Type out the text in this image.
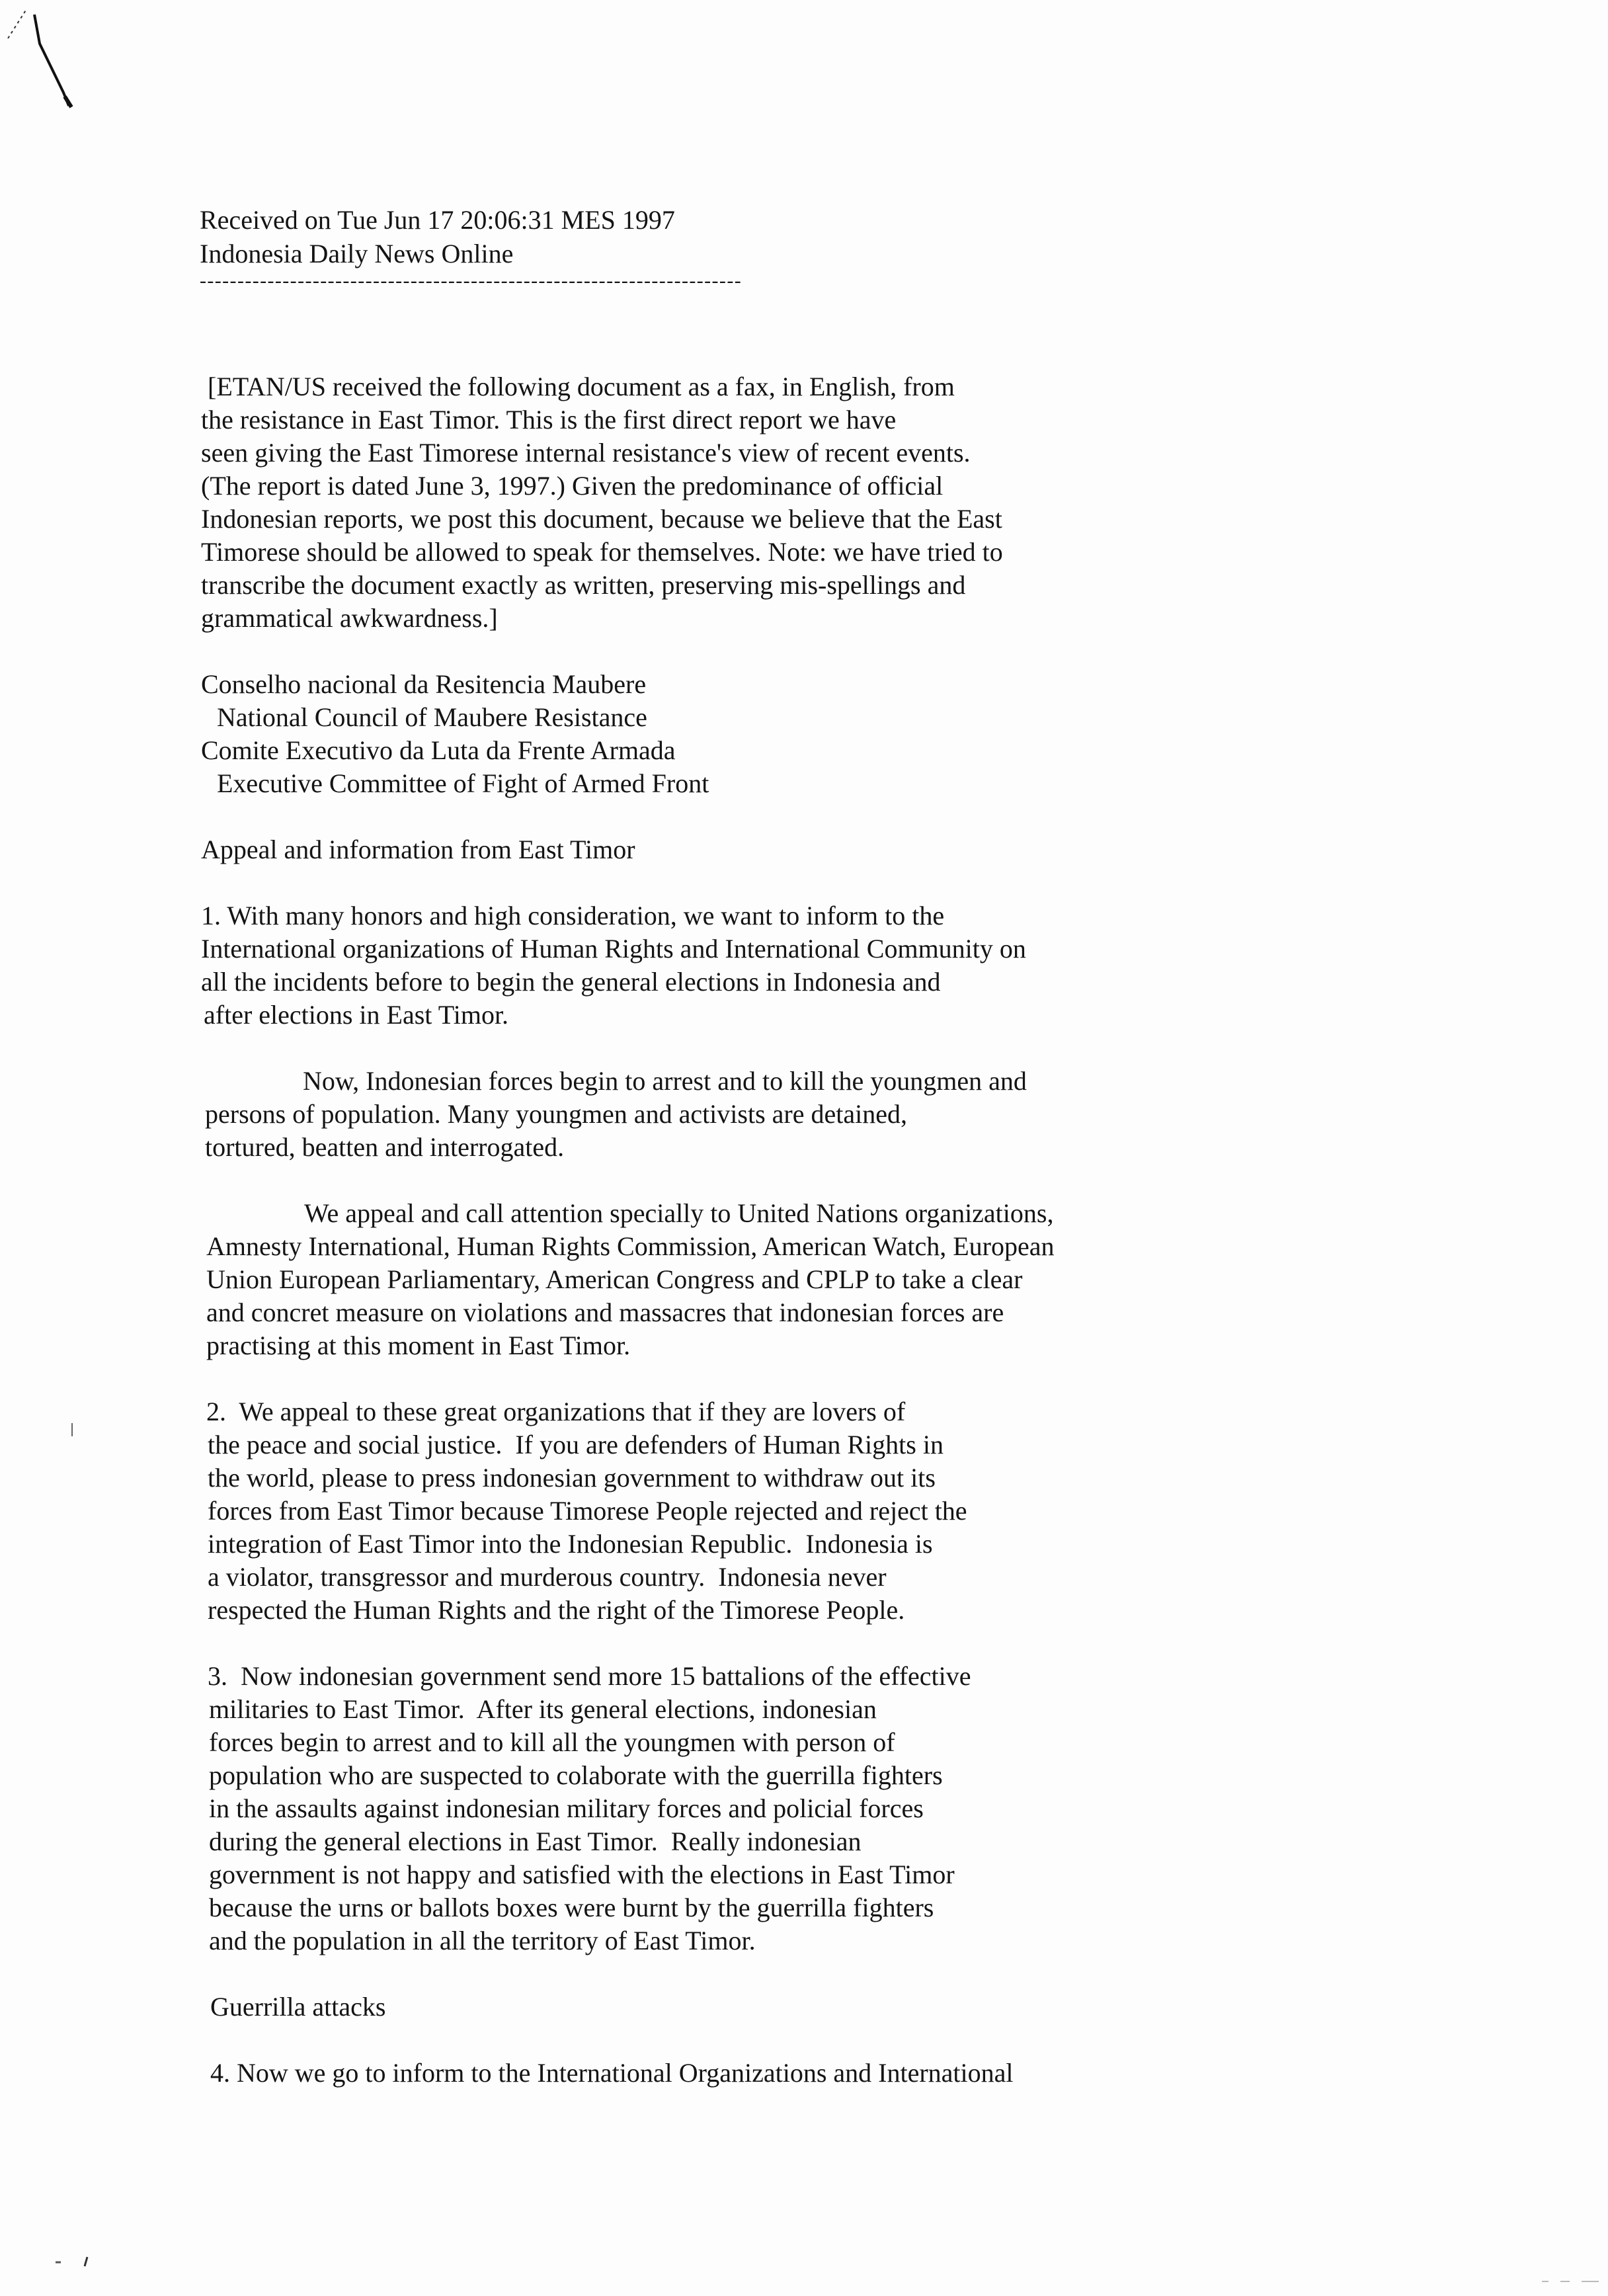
Received on Tue Jun 17 20:06:31 MES 1997
Indonesia Daily News Online
------------------------------------------------------------------------
[ETAN/US received the following document as a fax, in English, from
the resistance in East Timor. This is the first direct report we have
seen giving the East Timorese internal resistance's view of recent events.
(The report is dated June 3, 1997.) Given the predominance of official
Indonesian reports, we post this document, because we believe that the East
Timorese should be allowed to speak for themselves. Note: we have tried to
transcribe the document exactly as written, preserving mis-spellings and
grammatical awkwardness.]
Conselho nacional da Resitencia Maubere
National Council of Maubere Resistance
Comite Executivo da Luta da Frente Armada
Executive Committee of Fight of Armed Front
Appeal and information from East Timor
1. With many honors and high consideration, we want to inform to the
International organizations of Human Rights and International Community on
all the incidents before to begin the general elections in Indonesia and
after elections in East Timor.
Now, Indonesian forces begin to arrest and to kill the youngmen and
persons of population. Many youngmen and activists are detained,
tortured, beatten and interrogated.
We appeal and call attention specially to United Nations organizations,
Amnesty International, Human Rights Commission, American Watch, European
Union European Parliamentary, American Congress and CPLP to take a clear
and concret measure on violations and massacres that indonesian forces are
practising at this moment in East Timor.
2.  We appeal to these great organizations that if they are lovers of
the peace and social justice.  If you are defenders of Human Rights in
the world, please to press indonesian government to withdraw out its
forces from East Timor because Timorese People rejected and reject the
integration of East Timor into the Indonesian Republic.  Indonesia is
a violator, transgressor and murderous country.  Indonesia never
respected the Human Rights and the right of the Timorese People.
3.  Now indonesian government send more 15 battalions of the effective
militaries to East Timor.  After its general elections, indonesian
forces begin to arrest and to kill all the youngmen with person of
population who are suspected to colaborate with the guerrilla fighters
in the assaults against indonesian military forces and policial forces
during the general elections in East Timor.  Really indonesian
government is not happy and satisfied with the elections in East Timor
because the urns or ballots boxes were burnt by the guerrilla fighters
and the population in all the territory of East Timor.
Guerrilla attacks
4. Now we go to inform to the International Organizations and International
